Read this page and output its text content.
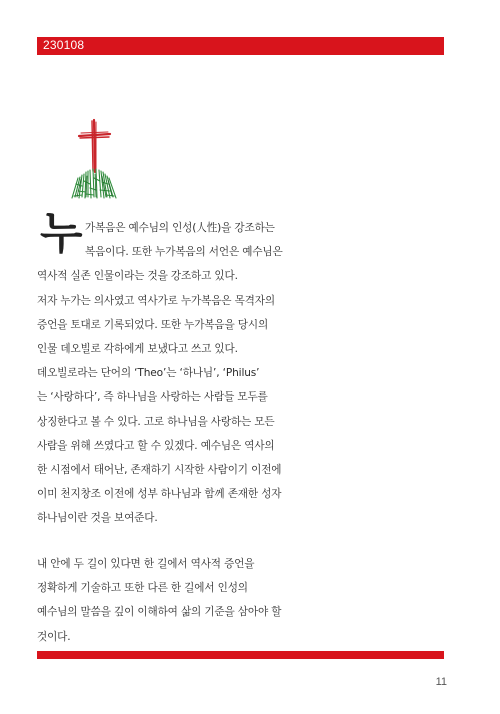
230108
누 가복음은 예수님의 인성(人性)을 강조하는
복음이다. 또한 누가복음의 서언은 예수님은
역사적 실존 인물이라는 것을 강조하고 있다.
저자 누가는 의사였고 역사가로 누가복음은 목격자의
증언을 토대로 기록되었다. 또한 누가복음을 당시의
인물 데오빌로 각하에게 보냈다고 쓰고 있다.
데오빌로라는 단어의 ‘Theo’는 ‘하나님’, ‘Philus’
는 ‘사랑하다’, 즉 하나님을 사랑하는 사람들 모두를
상징한다고 볼 수 있다. 고로 하나님을 사랑하는 모든
사람을 위해 쓰였다고 할 수 있겠다. 예수님은 역사의
한 시점에서 태어난, 존재하기 시작한 사람이기 이전에
이미 천지창조 이전에 성부 하나님과 함께 존재한 성자
하나님이란 것을 보여준다.
내 안에 두 길이 있다면 한 길에서 역사적 증언을
정확하게 기술하고 또한 다른 한 길에서 인성의
예수님의 말씀을 깊이 이해하여 삶의 기준을 삼아야 할
것이다.
11
